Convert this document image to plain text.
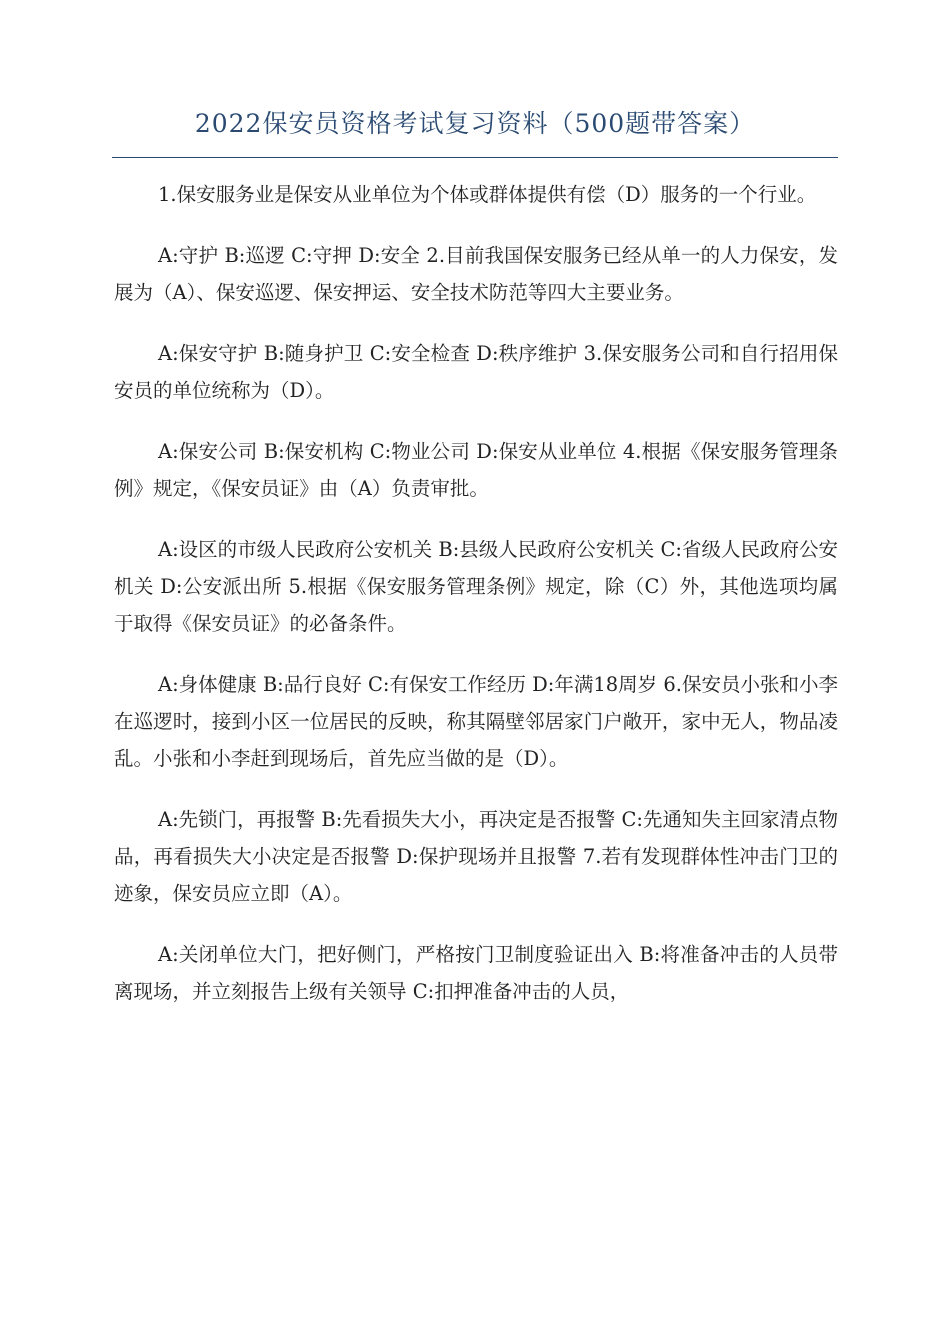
2022保安员资格考试复习资料（500题带答案）

1.保安服务业是保安从业单位为个体或群体提供有偿（D）服务的一个行业。

A:守护 B:巡逻 C:守押 D:安全 2.目前我国保安服务已经从单一的人力保安，发展为（A）、保安巡逻、保安押运、安全技术防范等四大主要业务。

A:保安守护 B:随身护卫 C:安全检查 D:秩序维护 3.保安服务公司和自行招用保安员的单位统称为（D）。

A:保安公司 B:保安机构 C:物业公司 D:保安从业单位 4.根据《保安服务管理条例》规定，《保安员证》由（A）负责审批。

A:设区的市级人民政府公安机关 B:县级人民政府公安机关 C:省级人民政府公安机关 D:公安派出所 5.根据《保安服务管理条例》规定，除（C）外，其他选项均属于取得《保安员证》的必备条件。

A:身体健康 B:品行良好 C:有保安工作经历 D:年满18周岁 6.保安员小张和小李在巡逻时，接到小区一位居民的反映，称其隔壁邻居家门户敞开，家中无人，物品凌乱。小张和小李赶到现场后，首先应当做的是（D）。

A:先锁门，再报警 B:先看损失大小，再决定是否报警 C:先通知失主回家清点物品，再看损失大小决定是否报警 D:保护现场并且报警 7.若有发现群体性冲击门卫的迹象，保安员应立即（A）。

A:关闭单位大门，把好侧门，严格按门卫制度验证出入 B:将准备冲击的人员带离现场，并立刻报告上级有关领导 C:扣押准备冲击的人员，
